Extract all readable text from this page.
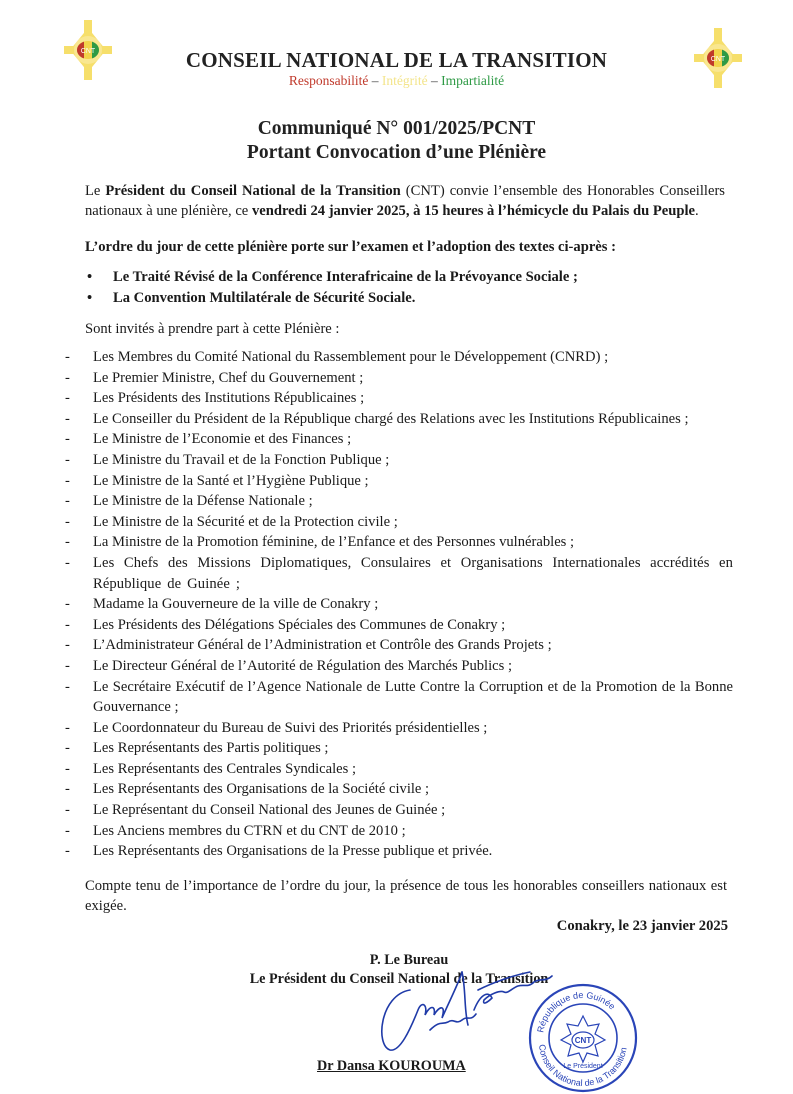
CNT
CNT
CONSEIL NATIONAL DE LA TRANSITION
Responsabilité – Intégrité – Impartialité
Communiqué N° 001/2025/PCNT
Portant Convocation d’une Plénière
Le Président du Conseil National de la Transition (CNT) convie l’ensemble des Honorables Conseillers nationaux à une plénière, ce vendredi 24 janvier 2025, à 15 heures à l’hémicycle du Palais du Peuple.
L’ordre du jour de cette plénière porte sur l’examen et l’adoption des textes ci-après :
• Le Traité Révisé de la Conférence Interafricaine de la Prévoyance Sociale ;
• La Convention Multilatérale de Sécurité Sociale.
Sont invités à prendre part à cette Plénière :
- Les Membres du Comité National du Rassemblement pour le Développement (CNRD) ;
- Le Premier Ministre, Chef du Gouvernement ;
- Les Présidents des Institutions Républicaines ;
- Le Conseiller du Président de la République chargé des Relations avec les Institutions Républicaines ;
- Le Ministre de l’Economie et des Finances ;
- Le Ministre du Travail et de la Fonction Publique ;
- Le Ministre de la Santé et l’Hygiène Publique ;
- Le Ministre de la Défense Nationale ;
- Le Ministre de la Sécurité et de la Protection civile ;
- La Ministre de la Promotion féminine, de l’Enfance et des Personnes vulnérables ;
- Les Chefs des Missions Diplomatiques, Consulaires et Organisations Internationales accrédités en République de Guinée ;
- Madame la Gouverneure de la ville de Conakry ;
- Les Présidents des Délégations Spéciales des Communes de Conakry ;
- L’Administrateur Général de l’Administration et Contrôle des Grands Projets ;
- Le Directeur Général de l’Autorité de Régulation des Marchés Publics ;
- Le Secrétaire Exécutif de l’Agence Nationale de Lutte Contre la Corruption et de la Promotion de la Bonne Gouvernance ;
- Le Coordonnateur du Bureau de Suivi des Priorités présidentielles ;
- Les Représentants des Partis politiques ;
- Les Représentants des Centrales Syndicales ;
- Les Représentants des Organisations de la Société civile ;
- Le Représentant du Conseil National des Jeunes de Guinée ;
- Les Anciens membres du CTRN et du CNT de 2010 ;
- Les Représentants des Organisations de la Presse publique et privée.
Compte tenu de l’importance de l’ordre du jour, la présence de tous les honorables conseillers nationaux est exigée.
Conakry, le 23 janvier 2025
P. Le Bureau
Le Président du Conseil National de la Transition
République de Guinée
Conseil National de la Transition
CNT
Le Président
Dr Dansa KOUROUMA
